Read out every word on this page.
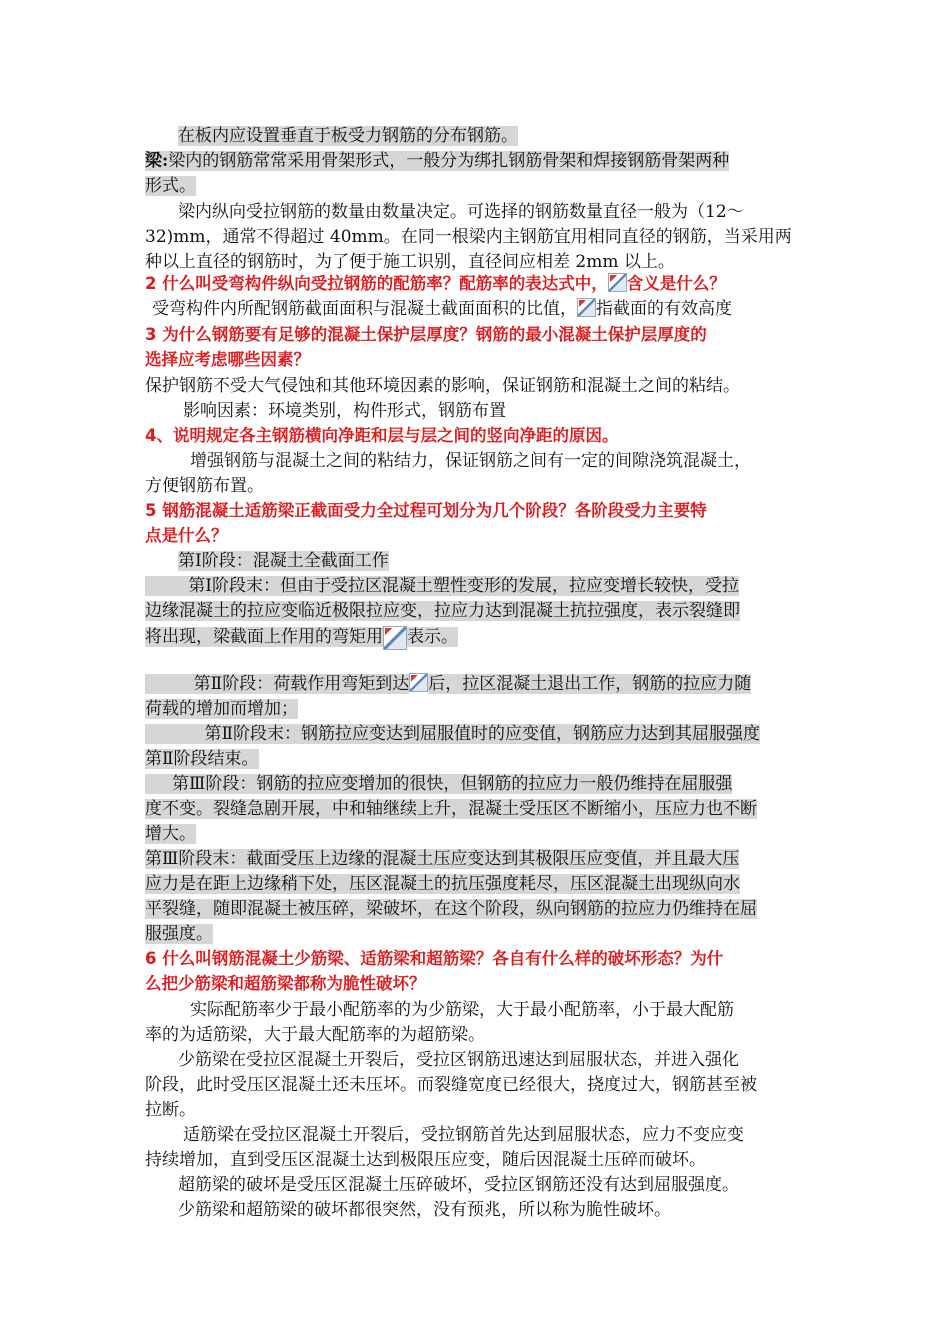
在板内应设置垂直于板受力钢筋的分布钢筋。
梁:梁内的钢筋常常采用骨架形式，一般分为绑扎钢筋骨架和焊接钢筋骨架两种
形式。
梁内纵向受拉钢筋的数量由数量决定。可选择的钢筋数量直径一般为（12～
32)mm，通常不得超过 40mm。在同一根梁内主钢筋宜用相同直径的钢筋，当采用两
种以上直径的钢筋时，为了便于施工识别，直径间应相差 2mm 以上。
2 什么叫受弯构件纵向受拉钢筋的配筋率？配筋率的表达式中， 含义是什么？
受弯构件内所配钢筋截面面积与混凝土截面面积的比值， 指截面的有效高度
3 为什么钢筋要有足够的混凝土保护层厚度？钢筋的最小混凝土保护层厚度的
选择应考虑哪些因素？
保护钢筋不受大气侵蚀和其他环境因素的影响，保证钢筋和混凝土之间的粘结。
影响因素：环境类别，构件形式，钢筋布置
4、说明规定各主钢筋横向净距和层与层之间的竖向净距的原因。
增强钢筋与混凝土之间的粘结力，保证钢筋之间有一定的间隙浇筑混凝土，
方便钢筋布置。
5 钢筋混凝土适筋梁正截面受力全过程可划分为几个阶段？各阶段受力主要特
点是什么？
第Ⅰ阶段：混凝土全截面工作
第Ⅰ阶段末：但由于受拉区混凝土塑性变形的发展，拉应变增长较快，受拉
边缘混凝土的拉应变临近极限拉应变，拉应力达到混凝土抗拉强度，表示裂缝即
将出现，梁截面上作用的弯矩用 表示。
第Ⅱ阶段：荷载作用弯矩到达 后，拉区混凝土退出工作，钢筋的拉应力随
荷载的增加而增加；
第Ⅱ阶段末：钢筋拉应变达到屈服值时的应变值，钢筋应力达到其屈服强度
第Ⅱ阶段结束。
第Ⅲ阶段：钢筋的拉应变增加的很快，但钢筋的拉应力一般仍维持在屈服强
度不变。裂缝急剧开展，中和轴继续上升，混凝土受压区不断缩小，压应力也不断
增大。
第Ⅲ阶段末：截面受压上边缘的混凝土压应变达到其极限压应变值，并且最大压
应力是在距上边缘稍下处，压区混凝土的抗压强度耗尽，压区混凝土出现纵向水
平裂缝，随即混凝土被压碎，梁破坏，在这个阶段，纵向钢筋的拉应力仍维持在屈
服强度。
6 什么叫钢筋混凝土少筋梁、适筋梁和超筋梁？各自有什么样的破坏形态？为什
么把少筋梁和超筋梁都称为脆性破坏？
实际配筋率少于最小配筋率的为少筋梁，大于最小配筋率，小于最大配筋
率的为适筋梁，大于最大配筋率的为超筋梁。
少筋梁在受拉区混凝土开裂后，受拉区钢筋迅速达到屈服状态，并进入强化
阶段，此时受压区混凝土还未压坏。而裂缝宽度已经很大，挠度过大，钢筋甚至被
拉断。
适筋梁在受拉区混凝土开裂后，受拉钢筋首先达到屈服状态，应力不变应变
持续增加，直到受压区混凝土达到极限压应变，随后因混凝土压碎而破坏。
超筋梁的破坏是受压区混凝土压碎破坏，受拉区钢筋还没有达到屈服强度。
少筋梁和超筋梁的破坏都很突然，没有预兆，所以称为脆性破坏。
